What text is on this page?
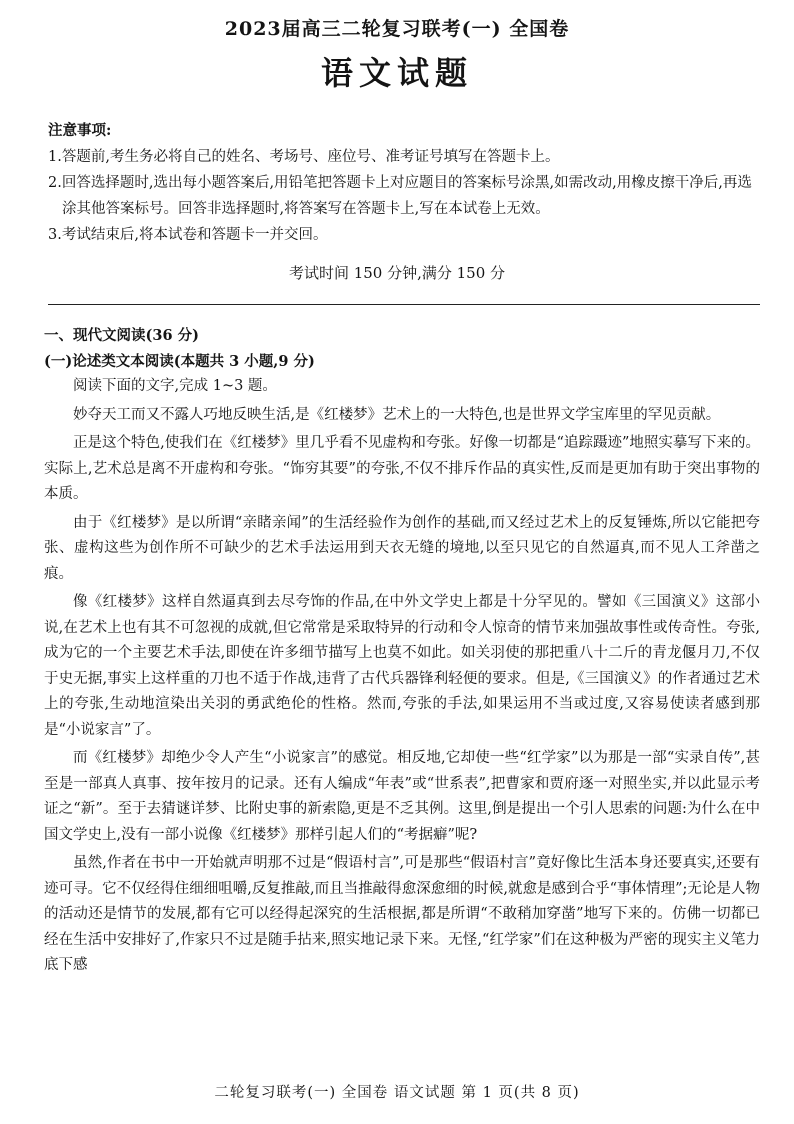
2023届高三二轮复习联考(一) 全国卷
语文试题
注意事项:
1.答题前,考生务必将自己的姓名、考场号、座位号、准考证号填写在答题卡上。
2.回答选择题时,选出每小题答案后,用铅笔把答题卡上对应题目的答案标号涂黑,如需改动,用橡皮擦干净后,再选涂其他答案标号。回答非选择题时,将答案写在答题卡上,写在本试卷上无效。
3.考试结束后,将本试卷和答题卡一并交回。
考试时间 150 分钟,满分 150 分
一、现代文阅读(36 分)
(一)论述类文本阅读(本题共 3 小题,9 分)
阅读下面的文字,完成 1~3 题。
妙夺天工而又不露人巧地反映生活,是《红楼梦》艺术上的一大特色,也是世界文学宝库里的罕见贡献。
正是这个特色,使我们在《红楼梦》里几乎看不见虚构和夸张。好像一切都是“追踪蹑迹”地照实摹写下来的。实际上,艺术总是离不开虚构和夸张。“饰穷其要”的夸张,不仅不排斥作品的真实性,反而是更加有助于突出事物的本质。
由于《红楼梦》是以所谓“亲睹亲闻”的生活经验作为创作的基础,而又经过艺术上的反复锤炼,所以它能把夸张、虚构这些为创作所不可缺少的艺术手法运用到天衣无缝的境地,以至只见它的自然逼真,而不见人工斧凿之痕。
像《红楼梦》这样自然逼真到去尽夸饰的作品,在中外文学史上都是十分罕见的。譬如《三国演义》这部小说,在艺术上也有其不可忽视的成就,但它常常是采取特异的行动和令人惊奇的情节来加强故事性或传奇性。夸张,成为它的一个主要艺术手法,即使在许多细节描写上也莫不如此。如关羽使的那把重八十二斤的青龙偃月刀,不仅于史无据,事实上这样重的刀也不适于作战,违背了古代兵器锋利轻便的要求。但是,《三国演义》的作者通过艺术上的夸张,生动地渲染出关羽的勇武绝伦的性格。然而,夸张的手法,如果运用不当或过度,又容易使读者感到那是“小说家言”了。
而《红楼梦》却绝少令人产生“小说家言”的感觉。相反地,它却使一些“红学家”以为那是一部“实录自传”,甚至是一部真人真事、按年按月的记录。还有人编成“年表”或“世系表”,把曹家和贾府逐一对照坐实,并以此显示考证之“新”。至于去猜谜详梦、比附史事的新索隐,更是不乏其例。这里,倒是提出一个引人思索的问题:为什么在中国文学史上,没有一部小说像《红楼梦》那样引起人们的“考据癖”呢?
虽然,作者在书中一开始就声明那不过是“假语村言”,可是那些“假语村言”竟好像比生活本身还要真实,还要有迹可寻。它不仅经得住细细咀嚼,反复推敲,而且当推敲得愈深愈细的时候,就愈是感到合乎“事体情理”;无论是人物的活动还是情节的发展,都有它可以经得起深究的生活根据,都是所谓“不敢稍加穿凿”地写下来的。仿佛一切都已经在生活中安排好了,作家只不过是随手拈来,照实地记录下来。无怪,“红学家”们在这种极为严密的现实主义笔力底下感
二轮复习联考(一) 全国卷 语文试题 第 1 页(共 8 页)
